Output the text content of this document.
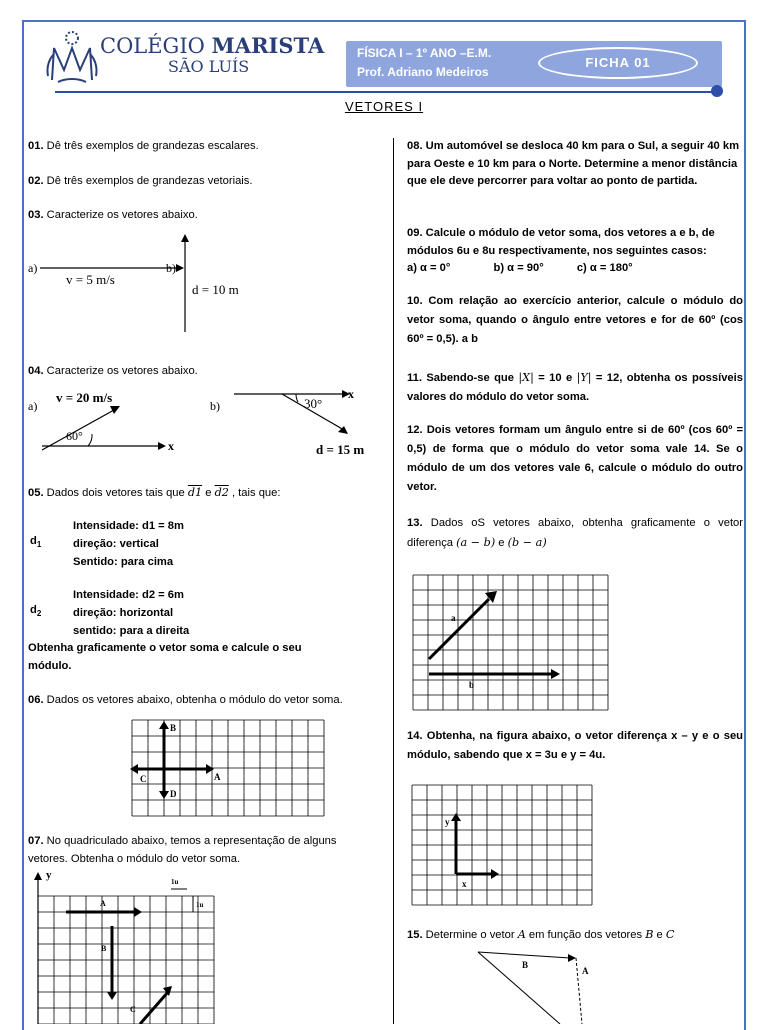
COLÉGIO MARISTA
SÃO LUÍS
FÍSICA I – 1º ANO –E.M.
Prof. Adriano Medeiros
FICHA 01
VETORES I
01. Dê três exemplos de grandezas escalares.
02. Dê três exemplos de grandezas vetoriais.
03. Caracterize os vetores abaixo.
a)
v = 5 m/s
b)
d = 10 m
04. Caracterize os vetores abaixo.
a)
v = 20 m/s
x
60°
b)
x
30°
d = 15 m
05. Dados dois vetores tais que d1 e d2 , tais que:
$d_1$
Intensidade: d1 = 8m
direção: vertical
Sentido: para cima
$d_2$
Intensidade: d2 = 6m
direção: horizontal
sentido: para a direita
Obtenha graficamente o vetor soma e calcule o seu módulo.
06. Dados os vetores abaixo, obtenha o módulo do vetor soma.
B
C	A
D
07. No quadriculado abaixo, temos a representação de alguns vetores. Obtenha o módulo do vetor soma.
y
1u
1u
A
B
C
08. Um automóvel se desloca 40 km para o Sul, a seguir 40 km para Oeste e 10 km para o Norte. Determine a menor distância que ele deve percorrer para voltar ao ponto de partida.
09. Calcule o módulo de vetor soma, dos vetores a e b, de módulos 6u e 8u respectivamente, nos seguintes casos:
a) α = 0°	b) α = 90°	c) α = 180°
10. Com relação ao exercício anterior, calcule o módulo do vetor soma, quando o ângulo entre vetores e for de 60º (cos 60º = 0,5). a b
11. Sabendo-se que |X| = 10 e |Y| = 12, obtenha os possíveis valores do módulo do vetor soma.
12. Dois vetores formam um ângulo entre si de 60º (cos 60º = 0,5) de forma que o módulo do vetor soma vale 14. Se o módulo de um dos vetores vale 6, calcule o módulo do outro vetor.
13. Dados oS vetores abaixo, obtenha graficamente o vetor diferença (a − b) e (b − a)
a
b
14. Obtenha, na figura abaixo, o vetor diferença x – y e o seu módulo, sabendo que x = 3u e y = 4u.
y
x
15. Determine o vetor A em função dos vetores B e C
B
A
